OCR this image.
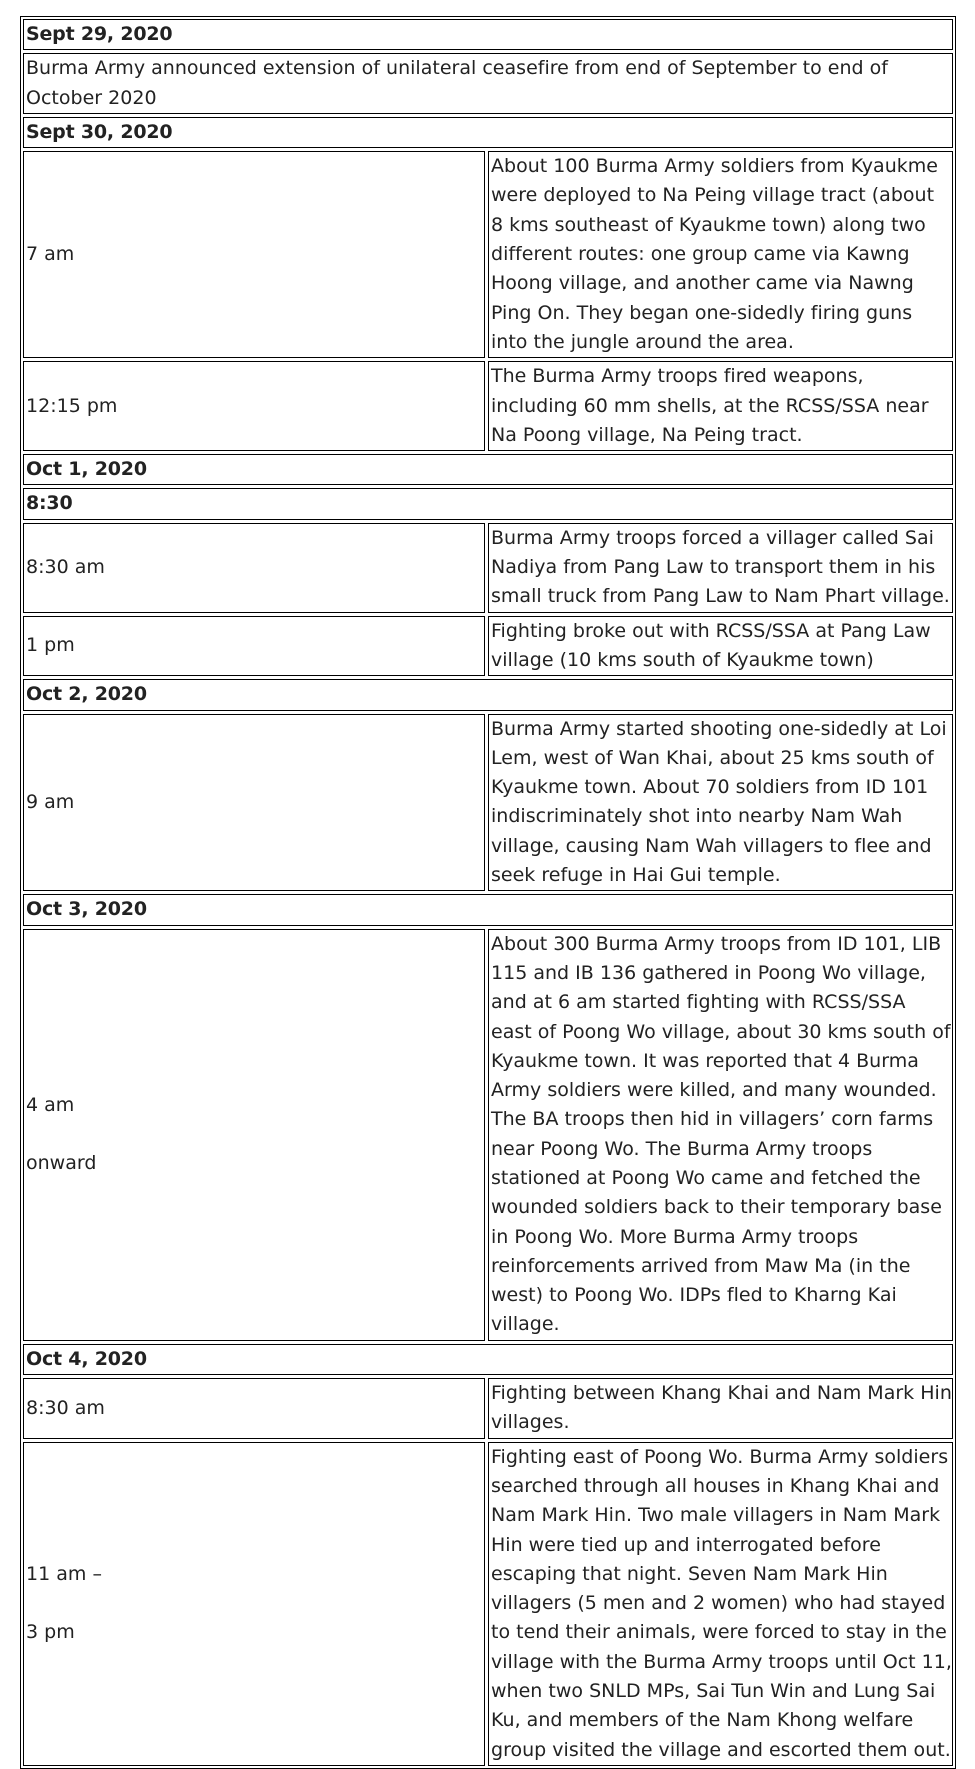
Sept 29, 2020	
Burma Army announced extension of unilateral ceasefire from end of September to end of October 2020	
Sept 30, 2020	
7 am	About 100 Burma Army soldiers from Kyaukme were deployed to Na Peing village tract (about 8 kms southeast of Kyaukme town) along two different routes: one group came via Kawng Hoong village, and another came via Nawng Ping On. They began one-sidedly firing guns into the jungle around the area.
12:15 pm	The Burma Army troops fired weapons, including 60 mm shells, at the RCSS/SSA near Na Poong village, Na Peing tract.
Oct 1, 2020	
8:30	
8:30 am	Burma Army troops forced a villager called Sai Nadiya from Pang Law to transport them in his small truck from Pang Law to Nam Phart village.
1 pm	Fighting broke out with RCSS/SSA at Pang Law village (10 kms south of Kyaukme town)
Oct 2, 2020	
9 am	Burma Army started shooting one-sidedly at Loi Lem, west of Wan Khai, about 25 kms south of Kyaukme town. About 70 soldiers from ID 101 indiscriminately shot into nearby Nam Wah village, causing Nam Wah villagers to flee and seek refuge in Hai Gui temple.
Oct 3, 2020	
4 am
onward	About 300 Burma Army troops from ID 101, LIB 115 and IB 136 gathered in Poong Wo village, and at 6 am started fighting with RCSS/SSA east of Poong Wo village, about 30 kms south of Kyaukme town. It was reported that 4 Burma Army soldiers were killed, and many wounded. The BA troops then hid in villagers’ corn farms near Poong Wo. The Burma Army troops stationed at Poong Wo came and fetched the wounded soldiers back to their temporary base in Poong Wo. More Burma Army troops reinforcements arrived from Maw Ma (in the west) to Poong Wo. IDPs fled to Kharng Kai village.
Oct 4, 2020	
8:30 am	Fighting between Khang Khai and Nam Mark Hin villages.
11 am –
3 pm	Fighting east of Poong Wo. Burma Army soldiers searched through all houses in Khang Khai and Nam Mark Hin. Two male villagers in Nam Mark Hin were tied up and interrogated before escaping that night. Seven Nam Mark Hin villagers (5 men and 2 women) who had stayed to tend their animals, were forced to stay in the village with the Burma Army troops until Oct 11, when two SNLD MPs, Sai Tun Win and Lung Sai Ku, and members of the Nam Khong welfare group visited the village and escorted them out.
